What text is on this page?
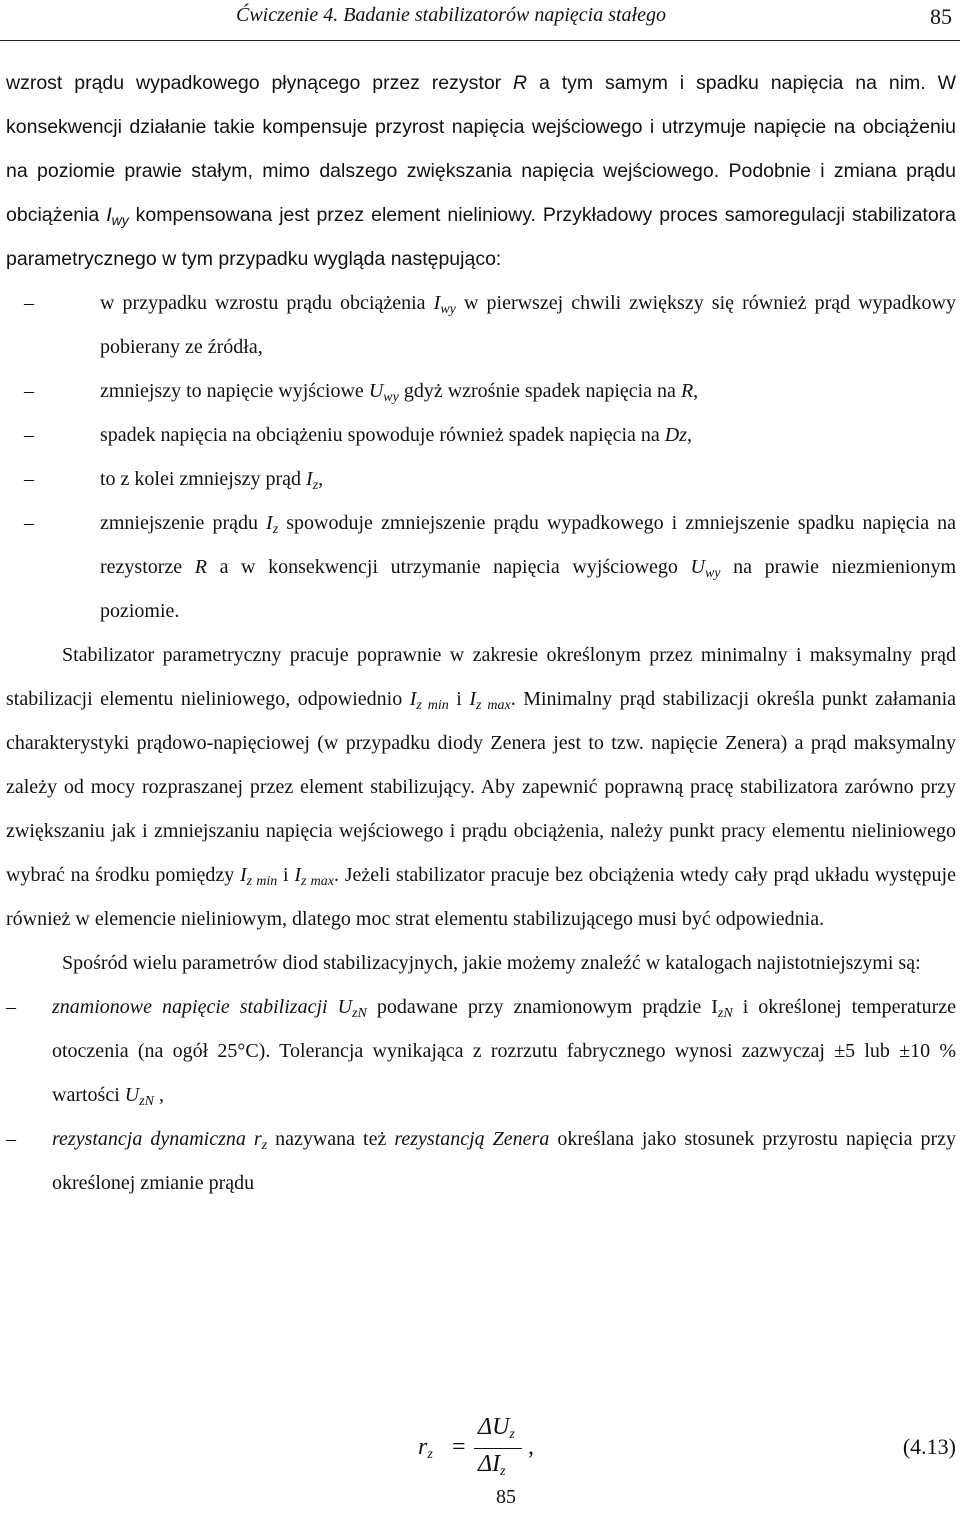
Ćwiczenie 4. Badanie stabilizatorów napięcia stałego	85

wzrost prądu wypadkowego płynącego przez rezystor R a tym samym i spadku napięcia na nim. W konsekwencji działanie takie kompensuje przyrost napięcia wejściowego i utrzymuje napięcie na obciążeniu na poziomie prawie stałym, mimo dalszego zwiększania napięcia wejściowego. Podobnie i zmiana prądu obciążenia $I_{wy}$ kompensowana jest przez element nieliniowy. Przykładowy proces samoregulacji stabilizatora parametrycznego w tym przypadku wygląda następująco:

–	w przypadku wzrostu prądu obciążenia $I_{wy}$ w pierwszej chwili zwiększy się również prąd wypadkowy pobierany ze źródła,
–	zmniejszy to napięcie wyjściowe $U_{wy}$ gdyż wzrośnie spadek napięcia na R,
–	spadek napięcia na obciążeniu spowoduje również spadek napięcia na Dz,
–	to z kolei zmniejszy prąd $I_z$,
–	zmniejszenie prądu $I_z$ spowoduje zmniejszenie prądu wypadkowego i zmniejszenie spadku napięcia na rezystorze R a w konsekwencji utrzymanie napięcia wyjściowego $U_{wy}$ na prawie niezmienionym poziomie.

Stabilizator parametryczny pracuje poprawnie w zakresie określonym przez minimalny i maksymalny prąd stabilizacji elementu nieliniowego, odpowiednio $I_{z min}$ i $I_{z max}$. Minimalny prąd stabilizacji określa punkt załamania charakterystyki prądowo-napięciowej (w przypadku diody Zenera jest to tzw. napięcie Zenera) a prąd maksymalny zależy od mocy rozpraszanej przez element stabilizujący. Aby zapewnić poprawną pracę stabilizatora zarówno przy zwiększaniu jak i zmniejszaniu napięcia wejściowego i prądu obciążenia, należy punkt pracy elementu nieliniowego wybrać na środku pomiędzy $I_{z min}$ i $I_{z max}$. Jeżeli stabilizator pracuje bez obciążenia wtedy cały prąd układu występuje również w elemencie nieliniowym, dlatego moc strat elementu stabilizującego musi być odpowiednia.

Spośród wielu parametrów diod stabilizacyjnych, jakie możemy znaleźć w katalogach najistotniejszymi są:

– znamionowe napięcie stabilizacji $U_{zN}$ podawane przy znamionowym prądzie $I_{zN}$ i określonej temperaturze otoczenia (na ogół 25°C). Tolerancja wynikająca z rozrzutu fabrycznego wynosi zazwyczaj ±5 lub ±10 % wartości $U_{zN}$ ,
– rezystancja dynamiczna $r_z$ nazywana też rezystancją Zenera określana jako stosunek przyrostu napięcia przy określonej zmianie prądu
$r_z$ =
$\Delta U_z$
$\Delta I_z$
,	(4.13)
85
